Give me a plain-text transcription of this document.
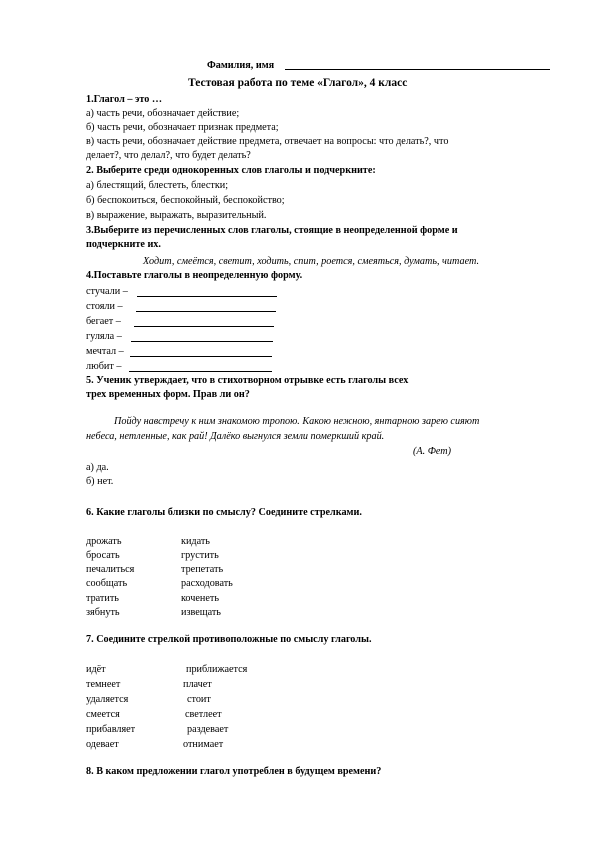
Фамилия, имя
Тестовая работа по теме «Глагол», 4 класс
1.Глагол – это …
а) часть речи, обозначает действие;
б) часть речи, обозначает признак предмета;
в) часть речи, обозначает действие предмета, отвечает на вопросы: что делать?, что
делает?, что делал?, что будет делать?
2. Выберите среди однокоренных слов глаголы и подчеркните:
а) блестящий, блестеть, блестки;
б) беспокоиться, беспокойный, беспокойство;
в) выражение, выражать, выразительный.
3.Выберите из перечисленных слов глаголы, стоящие в неопределенной форме и
подчеркните их.
Ходит, смеётся, светит, ходить, спит, роется, смеяться, думать, читает.
4.Поставьте глаголы в неопределенную форму.
стучали –
стояли –
бегает –
гуляла –
мечтал –
любит –
5. Ученик утверждает, что в стихотворном отрывке есть глаголы всех
трех временных форм. Прав ли он?
Пойду навстречу к ним знакомою тропою. Какою нежною, янтарною зарею сияют
небеса, нетленные, как рай! Далёко выгнулся земли померкший край.
(А. Фет)
а) да.
б) нет.
6. Какие глаголы близки по смыслу? Соедините стрелками.
дрожать	кидать
бросать	грустить
печалиться	трепетать
сообщать	расходовать
тратить	коченеть
зябнуть	извещать
7. Соедините стрелкой противоположные по смыслу глаголы.
идёт	приближается
темнеет	плачет
удаляется	стоит
смеется	светлеет
прибавляет	раздевает
одевает	отнимает
8. В каком предложении глагол употреблен в будущем времени?
